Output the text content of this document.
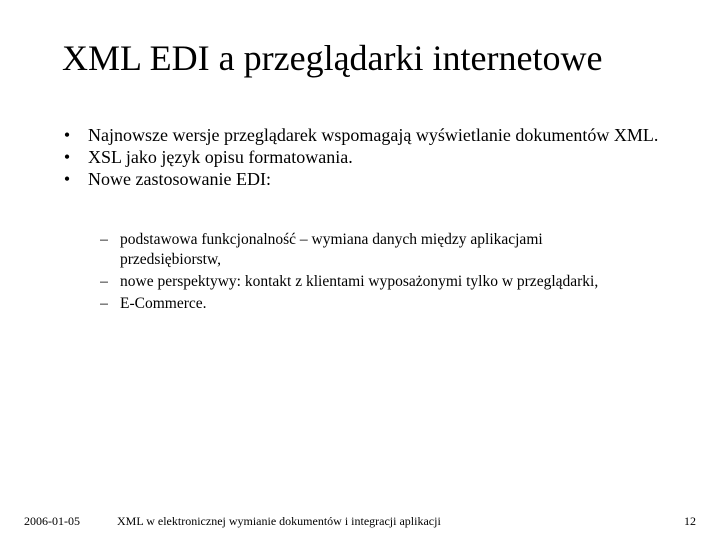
XML EDI a przeglądarki internetowe
• Najnowsze wersje przeglądarek wspomagają wyświetlanie dokumentów XML.
• XSL jako język opisu formatowania.
• Nowe zastosowanie EDI:
– podstawowa funkcjonalność – wymiana danych między aplikacjami przedsiębiorstw,
– nowe perspektywy: kontakt z klientami wyposażonymi tylko w przeglądarki,
– E-Commerce.
2006-01-05	XML w elektronicznej wymianie dokumentów i integracji aplikacji	12
